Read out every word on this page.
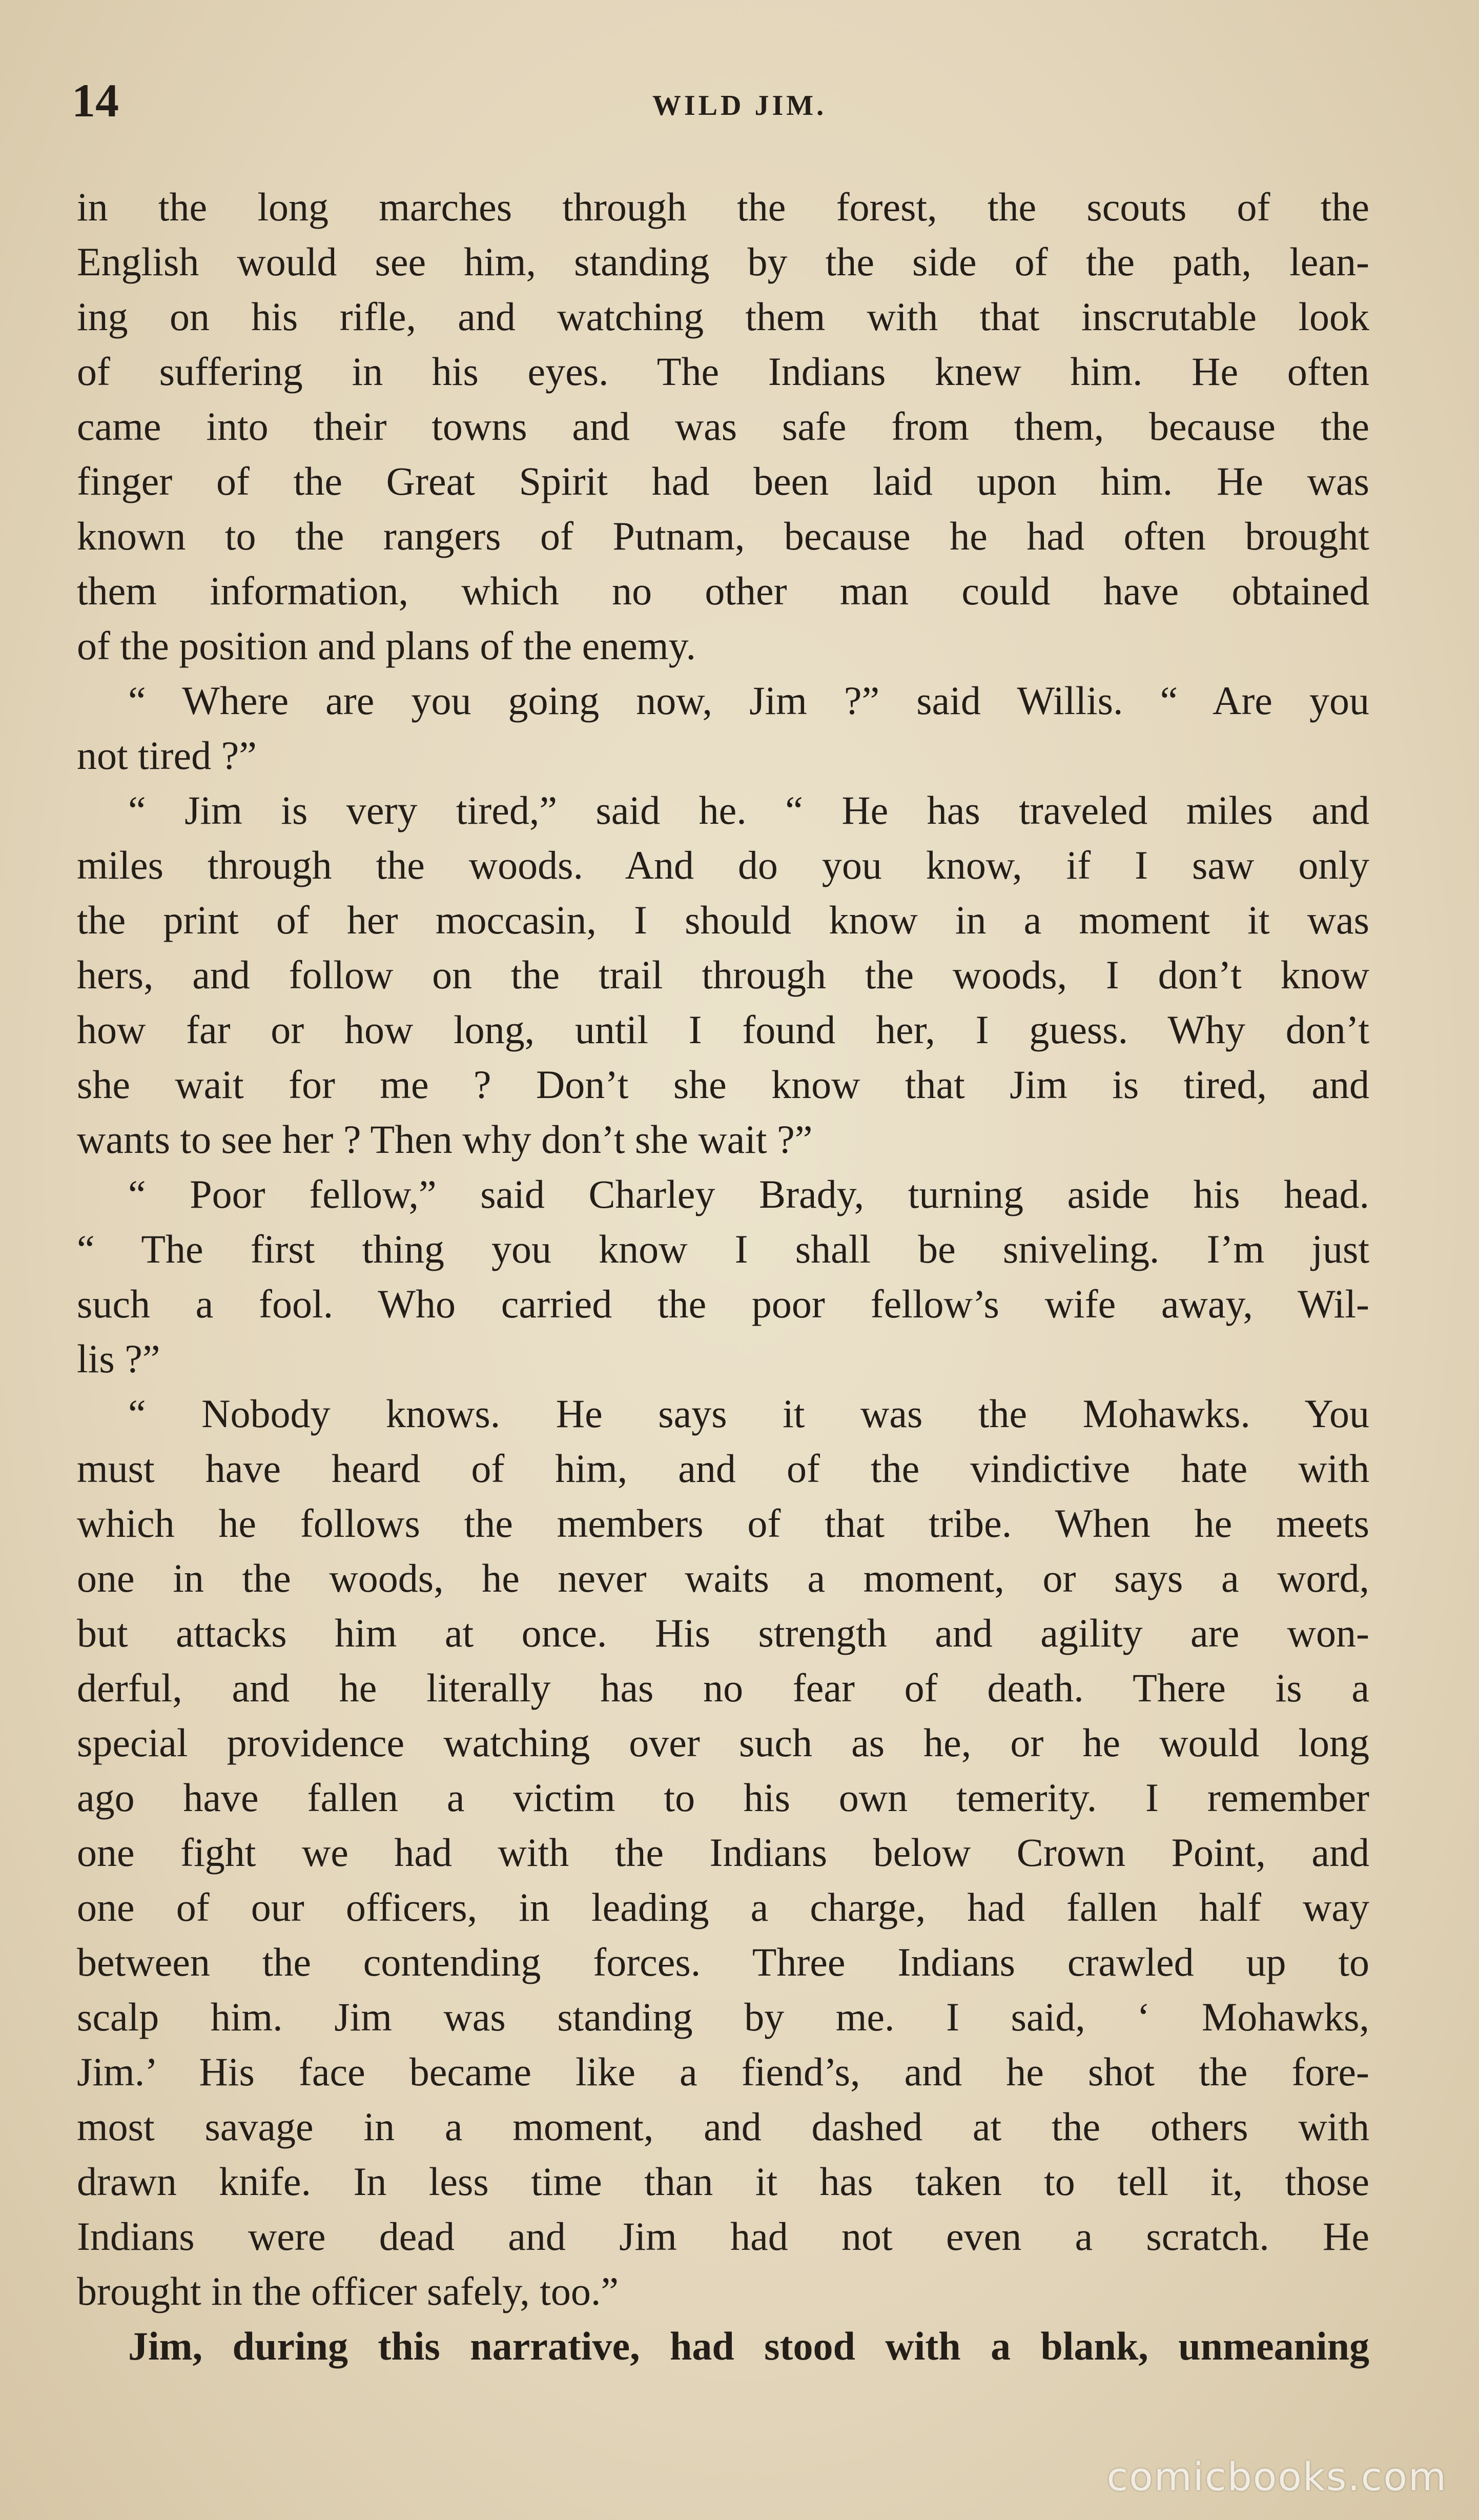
14	WILD JIM.

in the long marches through the forest, the scouts of the

English would see him, standing by the side of the path, lean-

ing on his rifle, and watching them with that inscrutable look

of suffering in his eyes. The Indians knew him. He often

came into their towns and was safe from them, because the

finger of the Great Spirit had been laid upon him. He was

known to the rangers of Putnam, because he had often brought

them information, which no other man could have obtained

of the position and plans of the enemy.

“ Where are you going now, Jim ?” said Willis. “ Are you

not tired ?”

“ Jim is very tired,” said he. “ He has traveled miles and

miles through the woods. And do you know, if I saw only

the print of her moccasin, I should know in a moment it was

hers, and follow on the trail through the woods, I don’t know

how far or how long, until I found her, I guess. Why don’t

she wait for me ? Don’t she know that Jim is tired, and

wants to see her ? Then why don’t she wait ?”

“ Poor fellow,” said Charley Brady, turning aside his head.

“ The first thing you know I shall be sniveling. I’m just

such a fool. Who carried the poor fellow’s wife away, Wil-

lis ?”

“ Nobody knows. He says it was the Mohawks. You

must have heard of him, and of the vindictive hate with

which he follows the members of that tribe. When he meets

one in the woods, he never waits a moment, or says a word,

but attacks him at once. His strength and agility are won-

derful, and he literally has no fear of death. There is a

special providence watching over such as he, or he would long

ago have fallen a victim to his own temerity. I remember

one fight we had with the Indians below Crown Point, and

one of our officers, in leading a charge, had fallen half way

between the contending forces. Three Indians crawled up to

scalp him. Jim was standing by me. I said, ‘ Mohawks,

Jim.’ His face became like a fiend’s, and he shot the fore-

most savage in a moment, and dashed at the others with

drawn knife. In less time than it has taken to tell it, those

Indians were dead and Jim had not even a scratch. He

brought in the officer safely, too.”

Jim, during this narrative, had stood with a blank, unmeaning

comicbooks.com
